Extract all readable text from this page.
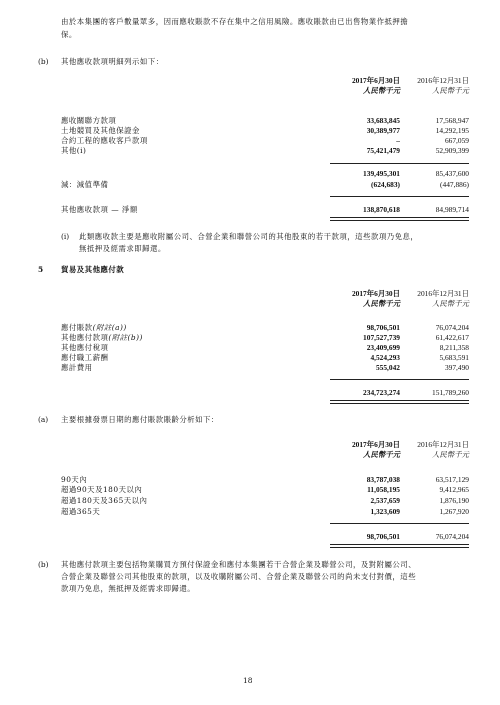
由於本集團的客戶數量眾多，因而應收賬款不存在集中之信用風險。應收賬款由已出售物業作抵押擔
保。
(b) 其他應收款項明細列示如下：
2017年6月30日
人民幣千元
2016年12月31日
人民幣千元
應收關聯方款項	33,683,845	17,568,947
土地競買及其他保證金	30,389,977	14,292,195
合約工程的應收客戶款項	–	667,059
其他(i)	75,421,479	52,909,399
139,495,301	85,437,600
減：減值準備	(624,683)	(447,886)
其他應收款項 — 淨額	138,870,618	84,989,714
(i) 此類應收款主要是應收附屬公司、合營企業和聯營公司的其他股東的若干款項，這些款項乃免息，
無抵押及經需求即歸還。
5 貿易及其他應付款
2017年6月30日
人民幣千元
2016年12月31日
人民幣千元
應付賬款(附註(a))	98,706,501	76,074,204
其他應付款項(附註(b))	107,527,739	61,422,617
其他應付稅項	23,409,699	8,211,358
應付職工薪酬	4,524,293	5,683,591
應計費用	555,042	397,490
234,723,274	151,789,260
(a) 主要根據發票日期的應付賬款賬齡分析如下：
2017年6月30日
人民幣千元
2016年12月31日
人民幣千元
90天內	83,787,038	63,517,129
超過90天及180天以內	11,058,195	9,412,965
超過180天及365天以內	2,537,659	1,876,190
超過365天	1,323,609	1,267,920
98,706,501	76,074,204
(b) 其他應付款項主要包括物業購買方預付保證金和應付本集團若干合營企業及聯營公司，及對附屬公司、
合營企業及聯營公司其他股東的款項，以及收購附屬公司、合營企業及聯營公司的尚未支付對價，這些
款項乃免息，無抵押及經需求即歸還。
18
